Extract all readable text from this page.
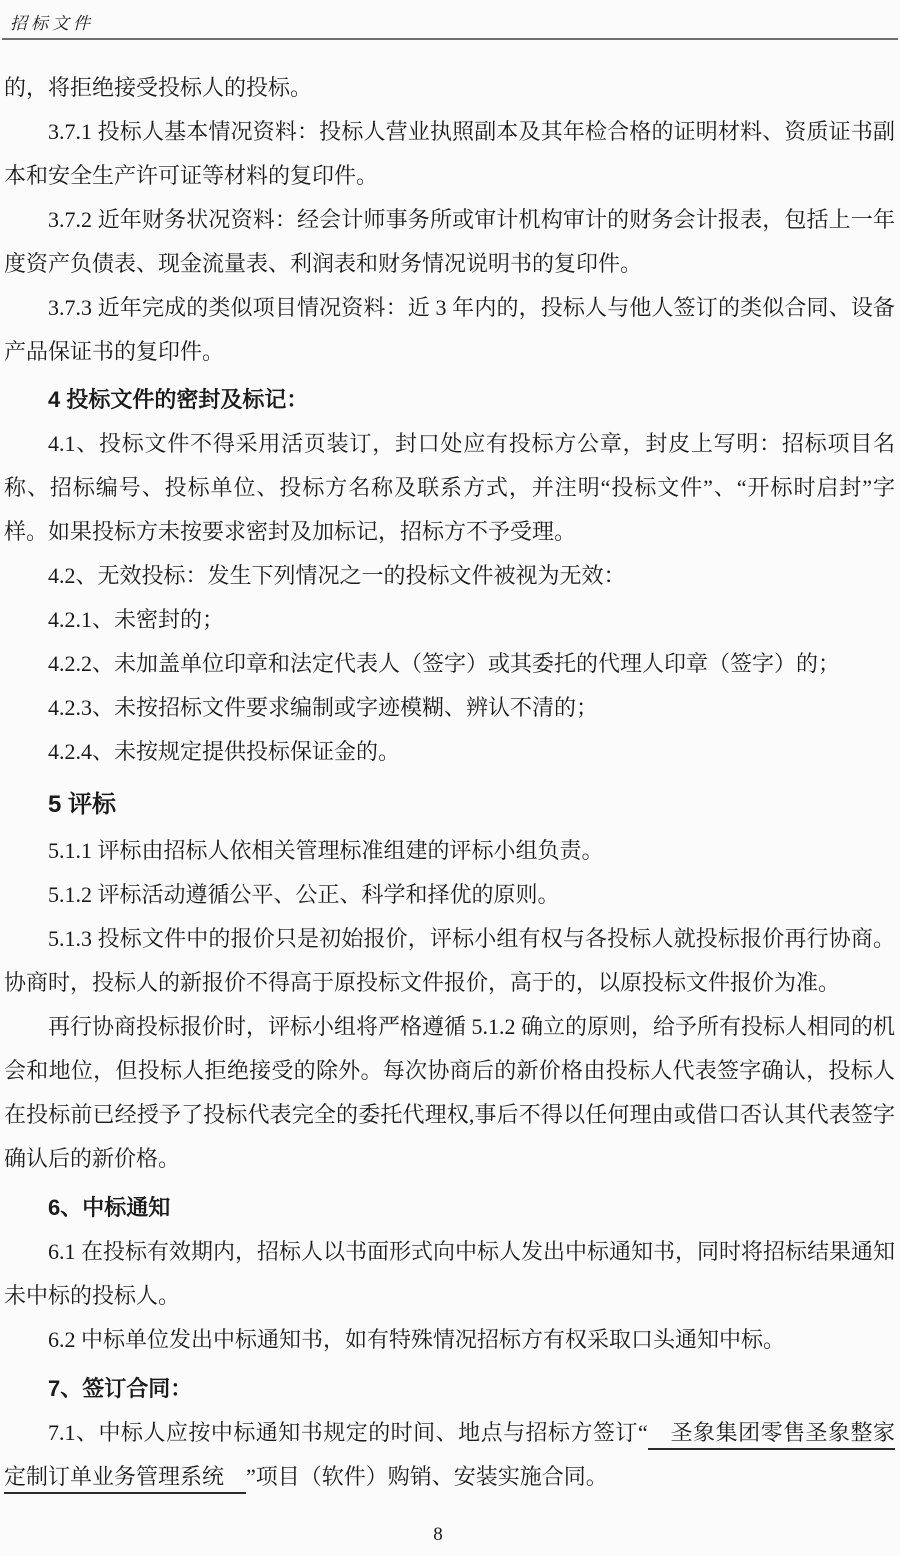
招标文件

的，将拒绝接受投标人的投标。

3.7.1 投标人基本情况资料：投标人营业执照副本及其年检合格的证明材料、资质证书副本和安全生产许可证等材料的复印件。

3.7.2 近年财务状况资料：经会计师事务所或审计机构审计的财务会计报表，包括上一年度资产负债表、现金流量表、利润表和财务情况说明书的复印件。

3.7.3 近年完成的类似项目情况资料：近 3 年内的，投标人与他人签订的类似合同、设备产品保证书的复印件。

4 投标文件的密封及标记：

4.1、投标文件不得采用活页装订，封口处应有投标方公章，封皮上写明：招标项目名称、招标编号、投标单位、投标方名称及联系方式，并注明“投标文件”、“开标时启封”字样。如果投标方未按要求密封及加标记，招标方不予受理。

4.2、无效投标：发生下列情况之一的投标文件被视为无效：

4.2.1、未密封的；

4.2.2、未加盖单位印章和法定代表人（签字）或其委托的代理人印章（签字）的；

4.2.3、未按招标文件要求编制或字迹模糊、辨认不清的；

4.2.4、未按规定提供投标保证金的。

5 评标

5.1.1 评标由招标人依相关管理标准组建的评标小组负责。

5.1.2 评标活动遵循公平、公正、科学和择优的原则。

5.1.3 投标文件中的报价只是初始报价，评标小组有权与各投标人就投标报价再行协商。协商时，投标人的新报价不得高于原投标文件报价，高于的，以原投标文件报价为准。

再行协商投标报价时，评标小组将严格遵循 5.1.2 确立的原则，给予所有投标人相同的机会和地位，但投标人拒绝接受的除外。每次协商后的新价格由投标人代表签字确认，投标人在投标前已经授予了投标代表完全的委托代理权,事后不得以任何理由或借口否认其代表签字确认后的新价格。

6、中标通知

6.1 在投标有效期内，招标人以书面形式向中标人发出中标通知书，同时将招标结果通知未中标的投标人。

6.2 中标单位发出中标通知书，如有特殊情况招标方有权采取口头通知中标。

7、签订合同：

7.1、中标人应按中标通知书规定的时间、地点与招标方签订“　圣象集团零售圣象整家定制订单业务管理系统　”项目（软件）购销、安装实施合同。

8
